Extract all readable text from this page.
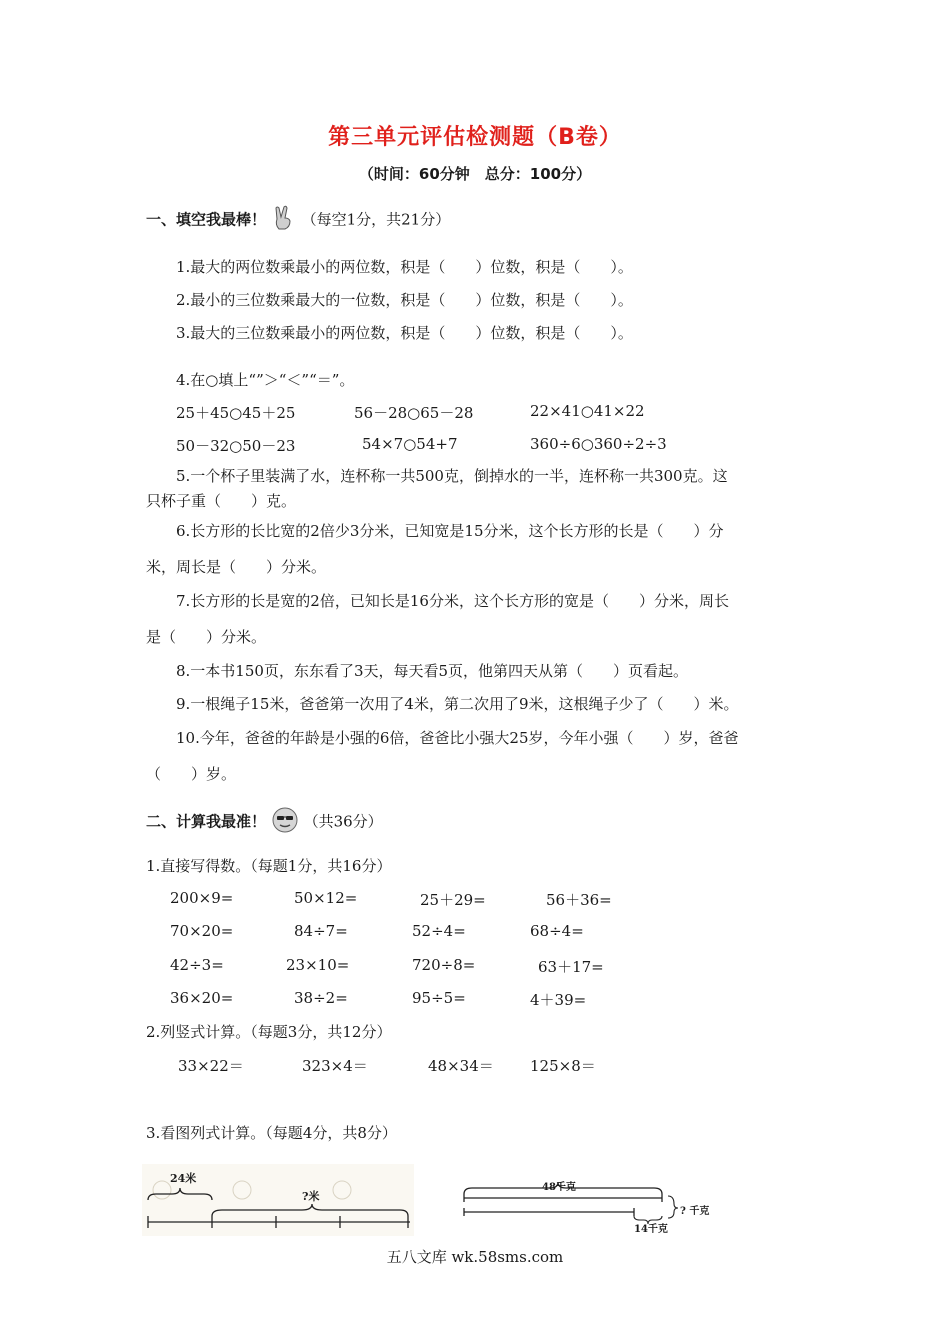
第三单元评估检测题（B卷）
（时间：60分钟　总分：100分）
一、填空我最棒！ （每空1分，共21分）
1.最大的两位数乘最小的两位数，积是（　　）位数，积是（　　）。
2.最小的三位数乘最大的一位数，积是（　　）位数，积是（　　）。
3.最大的三位数乘最小的两位数，积是（　　）位数，积是（　　）。
4.在○填上“”＞“＜”“＝”。
25＋45○45＋25	56－28○65－28	22×41○41×22
50－32○50－23	54×7○54+7	360÷6○360÷2÷3
5.一个杯子里装满了水，连杯称一共500克，倒掉水的一半，连杯称一共300克。这
只杯子重（　　）克。
6.长方形的长比宽的2倍少3分米，已知宽是15分米，这个长方形的长是（　　）分
米，周长是（　　）分米。
7.长方形的长是宽的2倍，已知长是16分米，这个长方形的宽是（　　）分米，周长
是（　　）分米。
8.一本书150页，东东看了3天，每天看5页，他第四天从第（　　）页看起。
9.一根绳子15米，爸爸第一次用了4米，第二次用了9米，这根绳子少了（　　）米。
10.今年，爸爸的年龄是小强的6倍，爸爸比小强大25岁，今年小强（　　）岁，爸爸
（　　）岁。
二、计算我最准！	（共36分）
1.直接写得数。（每题1分，共16分）
200×9=	50×12=	25＋29=	56＋36=
70×20=	84÷7=	52÷4=	68÷4=
42÷3=	23×10=	720÷8=	63＋17=
36×20=	38÷2=	95÷5=	4＋39=
2.列竖式计算。（每题3分，共12分）
33×22＝	323×4＝	48×34＝ 125×8＝
3.看图列式计算。（每题4分，共8分）
24米
?米
48千克
14千克
? 千克
五八文库 wk.58sms.com
